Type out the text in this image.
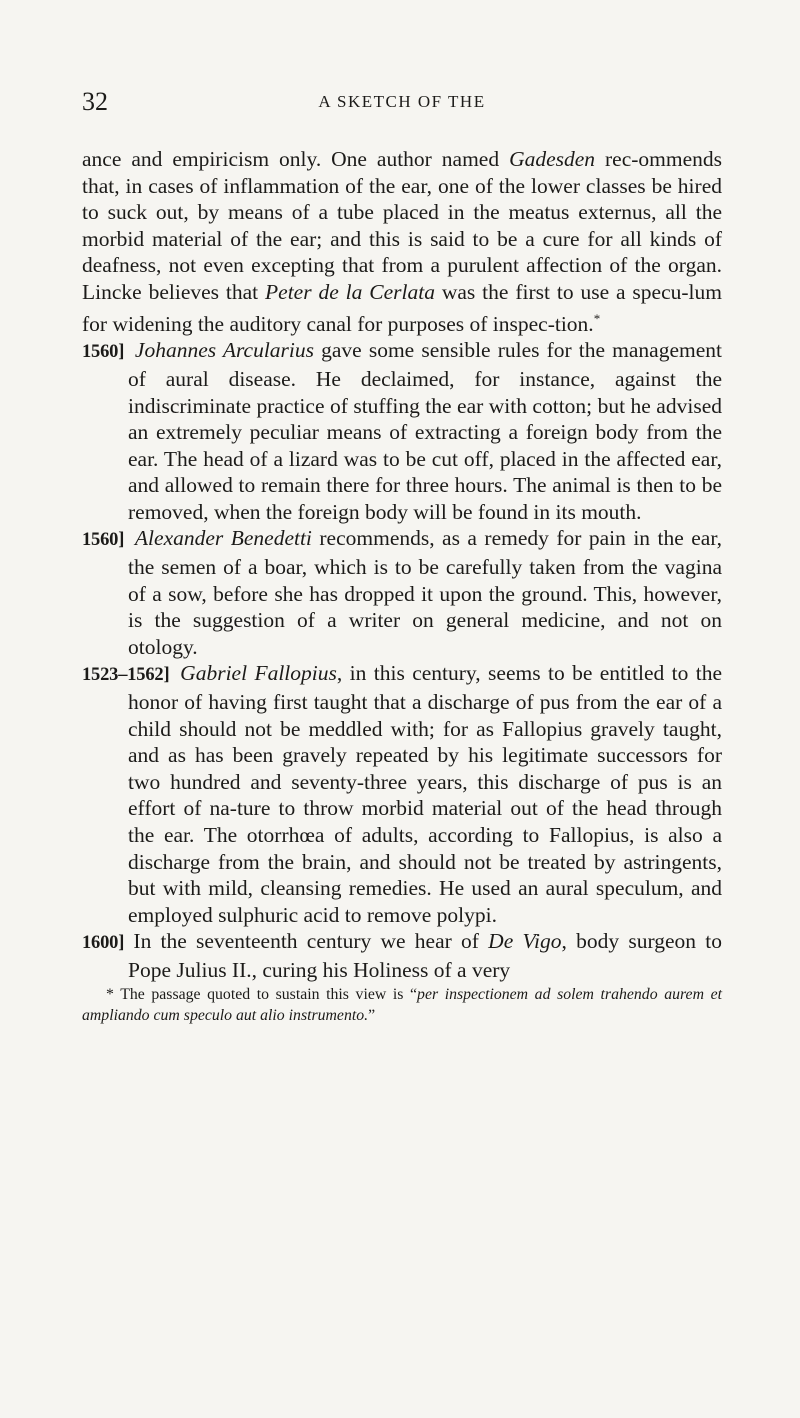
32	A SKETCH OF THE

ance and empiricism only. One author named Gadesden rec-ommends that, in cases of inflammation of the ear, one of the lower classes be hired to suck out, by means of a tube placed in the meatus externus, all the morbid material of the ear; and this is said to be a cure for all kinds of deafness, not even excepting that from a purulent affection of the organ. Lincke believes that Peter de la Cerlata was the first to use a specu-lum for widening the auditory canal for purposes of inspec-tion.*

1560]  Johannes Arcularius gave some sensible rules for the management of aural disease. He declaimed, for instance, against the indiscriminate practice of stuffing the ear with cotton; but he advised an extremely peculiar means of extracting a foreign body from the ear. The head of a lizard was to be cut off, placed in the affected ear, and allowed to remain there for three hours. The animal is then to be removed, when the foreign body will be found in its mouth.

1560]  Alexander Benedetti recommends, as a remedy for pain in the ear, the semen of a boar, which is to be carefully taken from the vagina of a sow, before she has dropped it upon the ground. This, however, is the suggestion of a writer on general medicine, and not on otology.

1523–1562]  Gabriel Fallopius, in this century, seems to be entitled to the honor of having first taught that a discharge of pus from the ear of a child should not be meddled with; for as Fallopius gravely taught, and as has been gravely repeated by his legitimate successors for two hundred and seventy-three years, this discharge of pus is an effort of na-ture to throw morbid material out of the head through the ear. The otorrhœa of adults, according to Fallopius, is also a discharge from the brain, and should not be treated by astringents, but with mild, cleansing remedies. He used an aural speculum, and employed sulphuric acid to remove polypi.

1600] In the seventeenth century we hear of De Vigo, body surgeon to Pope Julius II., curing his Holiness of a very

* The passage quoted to sustain this view is “per inspectionem ad solem trahendo aurem et ampliando cum speculo aut alio instrumento.”
